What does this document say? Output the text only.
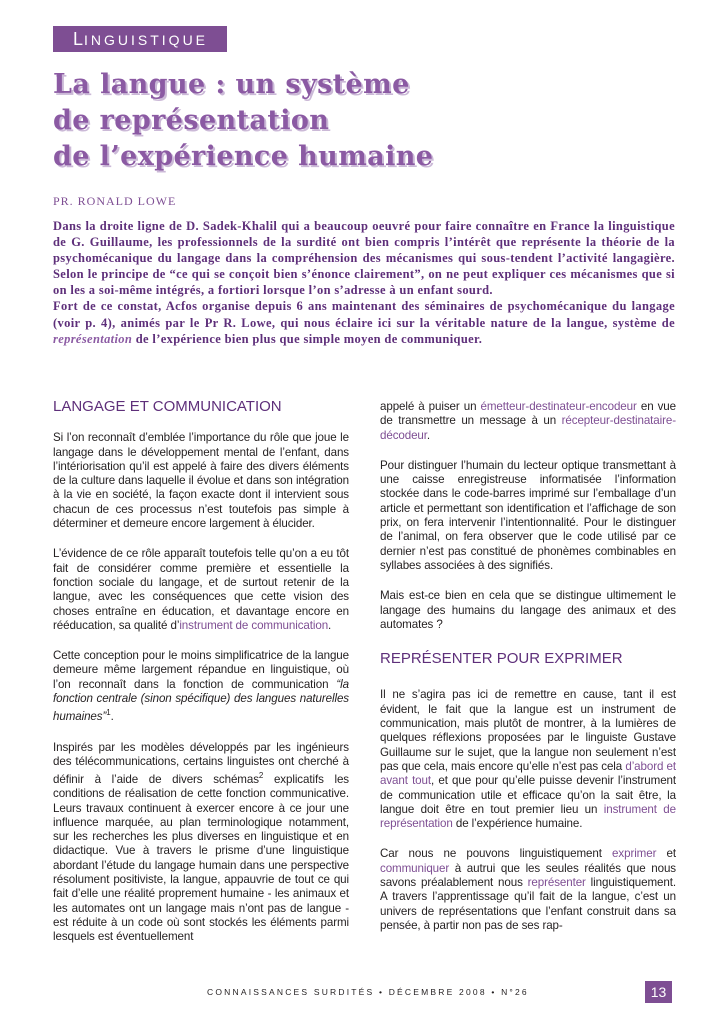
LINGUISTIQUE
La langue : un système
de représentation
de l’expérience humaine
PR. RONALD LOWE

Dans la droite ligne de D. Sadek-Khalil qui a beaucoup oeuvré pour faire connaître en France la linguistique de G. Guillaume, les professionnels de la surdité ont bien compris l’intérêt que représente la théorie de la psychomécanique du langage dans la compréhension des mécanismes qui sous-tendent l’activité langagière. Selon le principe de “ce qui se conçoit bien s’énonce clairement”, on ne peut expliquer ces mécanismes que si on les a soi-même intégrés, a fortiori lorsque l’on s’adresse à un enfant sourd.

Fort de ce constat, Acfos organise depuis 6 ans maintenant des séminaires de psychomécanique du langage (voir p. 4), animés par le Pr R. Lowe, qui nous éclaire ici sur la véritable nature de la langue, système de représentation de l’expérience bien plus que simple moyen de communiquer.

LANGAGE ET COMMUNICATION

Si l’on reconnaît d’emblée l’importance du rôle que joue le langage dans le développement mental de l’enfant, dans l’intériorisation qu’il est appelé à faire des divers éléments de la culture dans laquelle il évolue et dans son intégration à la vie en société, la façon exacte dont il intervient sous chacun de ces processus n’est toutefois pas simple à déterminer et demeure encore largement à élucider.

L’évidence de ce rôle apparaît toutefois telle qu’on a eu tôt fait de considérer comme première et essentielle la fonction sociale du langage, et de surtout retenir de la langue, avec les conséquences que cette vision des choses entraîne en éducation, et davantage encore en rééducation, sa qualité d’instrument de communication.

Cette conception pour le moins simplificatrice de la langue demeure même largement répandue en linguistique, où l’on reconnaît dans la fonction de communication “la fonction centrale (sinon spécifique) des langues naturelles humaines”$^1$.

Inspirés par les modèles développés par les ingénieurs des télécommunications, certains linguistes ont cherché à définir à l’aide de divers schémas$^2$ explicatifs les conditions de réalisation de cette fonction communicative. Leurs travaux continuent à exercer encore à ce jour une influence marquée, au plan terminologique notamment, sur les recherches les plus diverses en linguistique et en didactique. Vue à travers le prisme d’une linguistique abordant l’étude du langage humain dans une perspective résolument positiviste, la langue, appauvrie de tout ce qui fait d’elle une réalité proprement humaine - les animaux et les automates ont un langage mais n’ont pas de langue - est réduite à un code où sont stockés les éléments parmi lesquels est éventuellement

appelé à puiser un émetteur-destinateur-encodeur en vue de transmettre un message à un récepteur-destinataire-décodeur.

Pour distinguer l’humain du lecteur optique transmettant à une caisse enregistreuse informatisée l’information stockée dans le code-barres imprimé sur l’emballage d’un article et permettant son identification et l’affichage de son prix, on fera intervenir l’intentionnalité. Pour le distinguer de l’animal, on fera observer que le code utilisé par ce dernier n’est pas constitué de phonèmes combinables en syllabes associées à des signifiés.

Mais est-ce bien en cela que se distingue ultimement le langage des humains du langage des animaux et des automates ?

REPRÉSENTER POUR EXPRIMER

Il ne s’agira pas ici de remettre en cause, tant il est évident, le fait que la langue est un instrument de communication, mais plutôt de montrer, à la lumières de quelques réflexions proposées par le linguiste Gustave Guillaume sur le sujet, que la langue non seulement n’est pas que cela, mais encore qu’elle n’est pas cela d’abord et avant tout, et que pour qu’elle puisse devenir l’instrument de communication utile et efficace qu’on la sait être, la langue doit être en tout premier lieu un instrument de représentation de l’expérience humaine.

Car nous ne pouvons linguistiquement exprimer et communiquer à autrui que les seules réalités que nous savons préalablement nous représenter linguistiquement. A travers l’apprentissage qu’il fait de la langue, c’est un univers de représentations que l’enfant construit dans sa pensée, à partir non pas de ses rap-

CONNAISSANCES SURDITÉS • DÉCEMBRE 2008 • N°26	13
